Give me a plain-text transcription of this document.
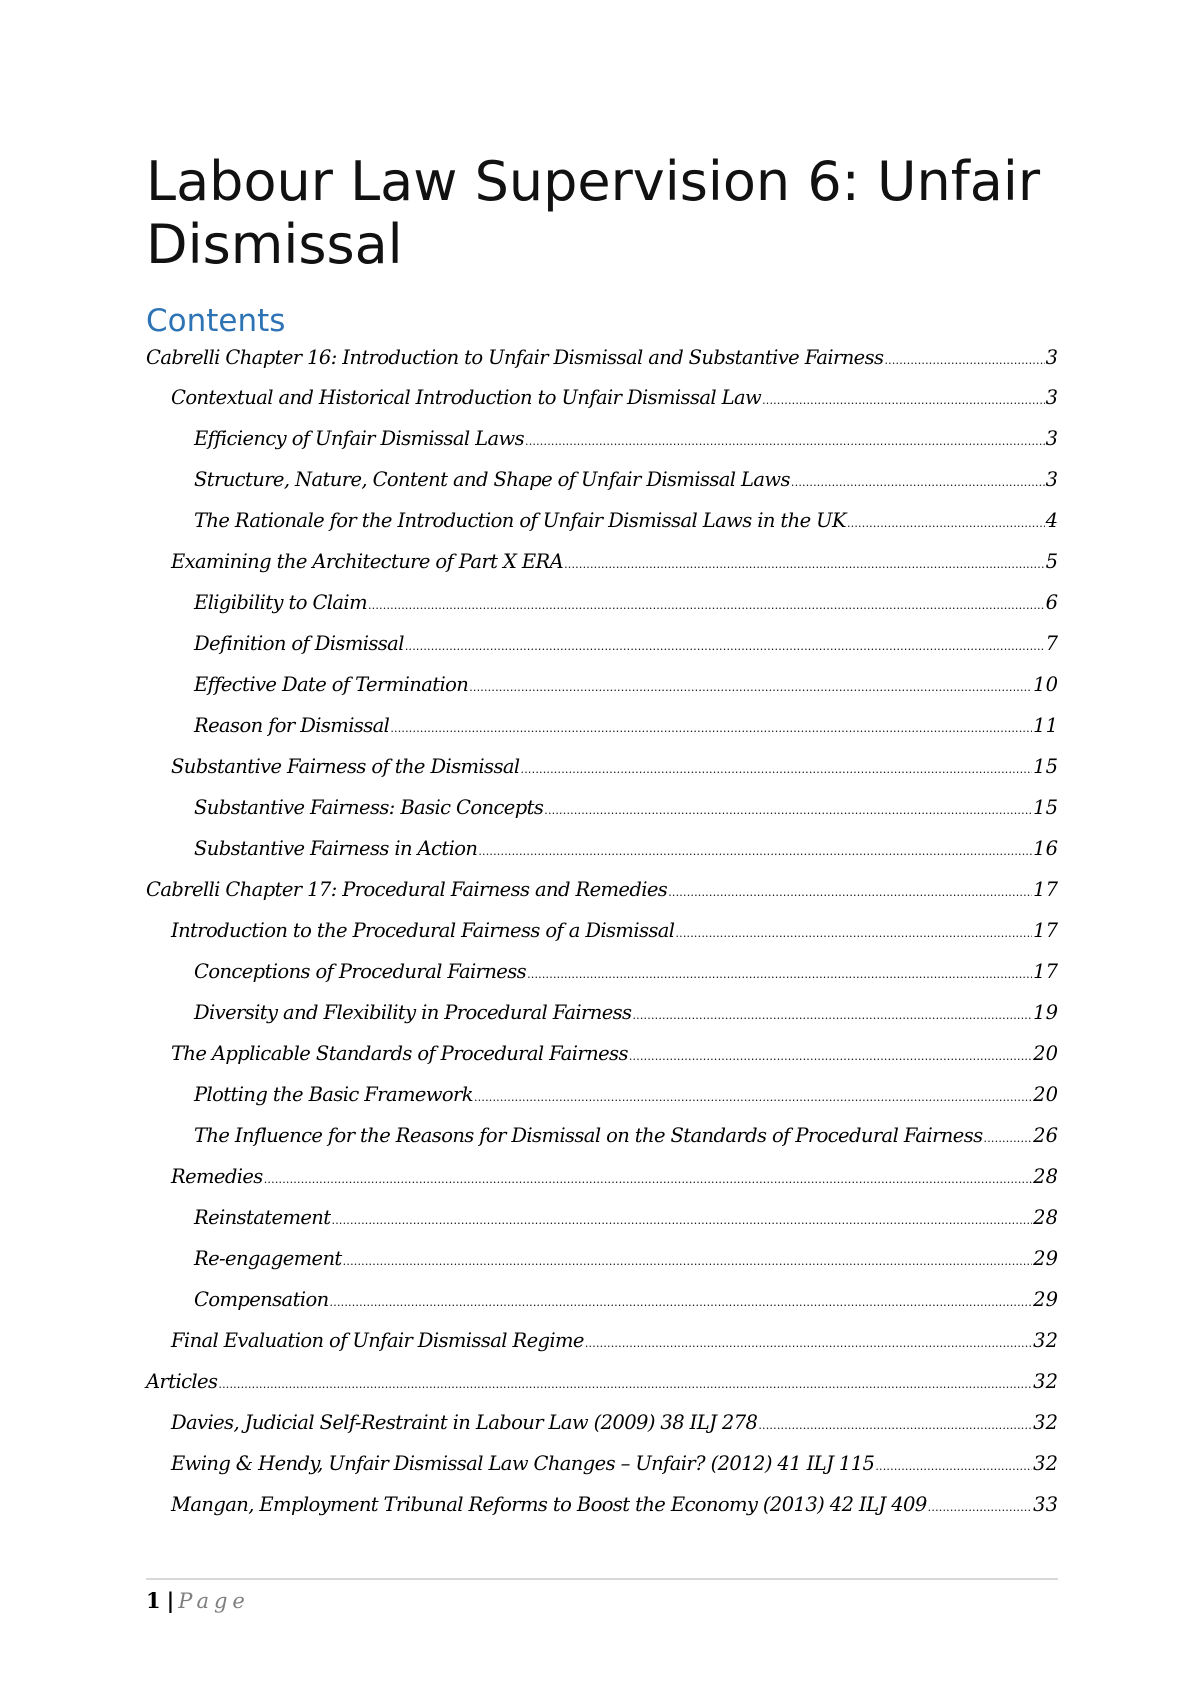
Labour Law Supervision 6: Unfair Dismissal
Contents
Cabrelli Chapter 16: Introduction to Unfair Dismissal and Substantive Fairness .....	3
Contextual and Historical Introduction to Unfair Dismissal Law .....	3
Efficiency of Unfair Dismissal Laws .....	3
Structure, Nature, Content and Shape of Unfair Dismissal Laws .....	3
The Rationale for the Introduction of Unfair Dismissal Laws in the UK .....	4
Examining the Architecture of Part X ERA .....	5
Eligibility to Claim .....	6
Definition of Dismissal .....	7
Effective Date of Termination .....	10
Reason for Dismissal .....	11
Substantive Fairness of the Dismissal .....	15
Substantive Fairness: Basic Concepts .....	15
Substantive Fairness in Action .....	16
Cabrelli Chapter 17: Procedural Fairness and Remedies .....	17
Introduction to the Procedural Fairness of a Dismissal .....	17
Conceptions of Procedural Fairness .....	17
Diversity and Flexibility in Procedural Fairness .....	19
The Applicable Standards of Procedural Fairness .....	20
Plotting the Basic Framework .....	20
The Influence for the Reasons for Dismissal on the Standards of Procedural Fairness .....	26
Remedies .....	28
Reinstatement .....	28
Re-engagement .....	29
Compensation .....	29
Final Evaluation of Unfair Dismissal Regime .....	32
Articles .....	32
Davies, Judicial Self-Restraint in Labour Law (2009) 38 ILJ 278 .....	32
Ewing & Hendy, Unfair Dismissal Law Changes – Unfair? (2012) 41 ILJ 115 .....	32
Mangan, Employment Tribunal Reforms to Boost the Economy (2013) 42 ILJ 409 .....	33
1 | Page
